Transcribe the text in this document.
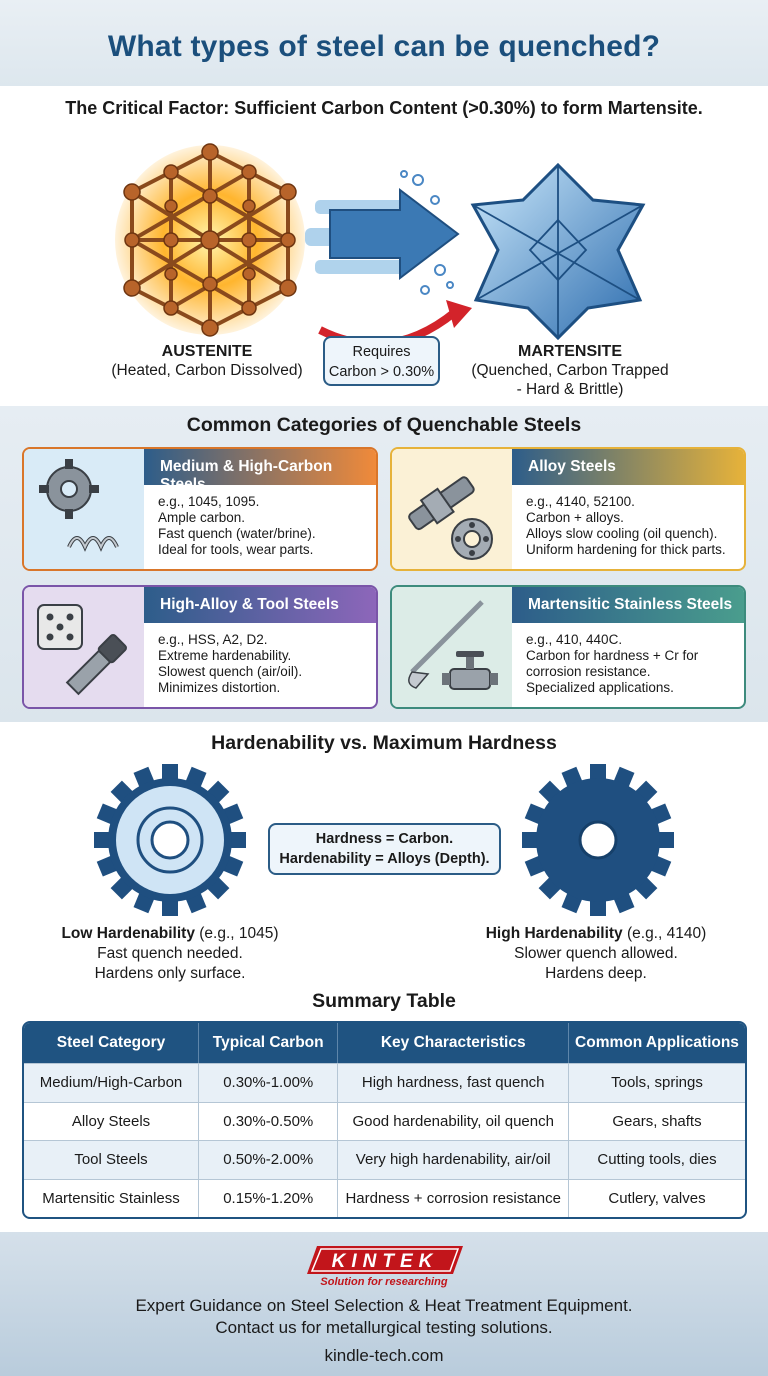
What types of steel can be quenched?
The Critical Factor: Sufficient Carbon Content (>0.30%) to form Martensite.
AUSTENITE
(Heated, Carbon Dissolved)
Requires
Carbon > 0.30%
MARTENSITE
(Quenched, Carbon Trapped
- Hard & Brittle)
Common Categories of Quenchable Steels
Medium & High-Carbon Steels
e.g., 1045, 1095.
Ample carbon.
Fast quench (water/brine).
Ideal for tools, wear parts.
Alloy Steels
e.g., 4140, 52100.
Carbon + alloys.
Alloys slow cooling (oil quench).
Uniform hardening for thick parts.
High-Alloy & Tool Steels
e.g., HSS, A2, D2.
Extreme hardenability.
Slowest quench (air/oil).
Minimizes distortion.
Martensitic Stainless Steels
e.g., 410, 440C.
Carbon for hardness + Cr for
corrosion resistance.
Specialized applications.
Hardenability vs. Maximum Hardness
Hardness = Carbon.
Hardenability = Alloys (Depth).
Low Hardenability (e.g., 1045)
Fast quench needed.
Hardens only surface.
High Hardenability (e.g., 4140)
Slower quench allowed.
Hardens deep.
Summary Table
Steel Category	Typical Carbon	Key Characteristics	Common Applications
Medium/High-Carbon	0.30%-1.00%	High hardness, fast quench	Tools, springs
Alloy Steels	0.30%-0.50%	Good hardenability, oil quench	Gears, shafts
Tool Steels	0.50%-2.00%	Very high hardenability, air/oil	Cutting tools, dies
Martensitic Stainless	0.15%-1.20%	Hardness + corrosion resistance	Cutlery, valves
KINTEK
Solution for researching
Expert Guidance on Steel Selection & Heat Treatment Equipment.
Contact us for metallurgical testing solutions.
kindle-tech.com
